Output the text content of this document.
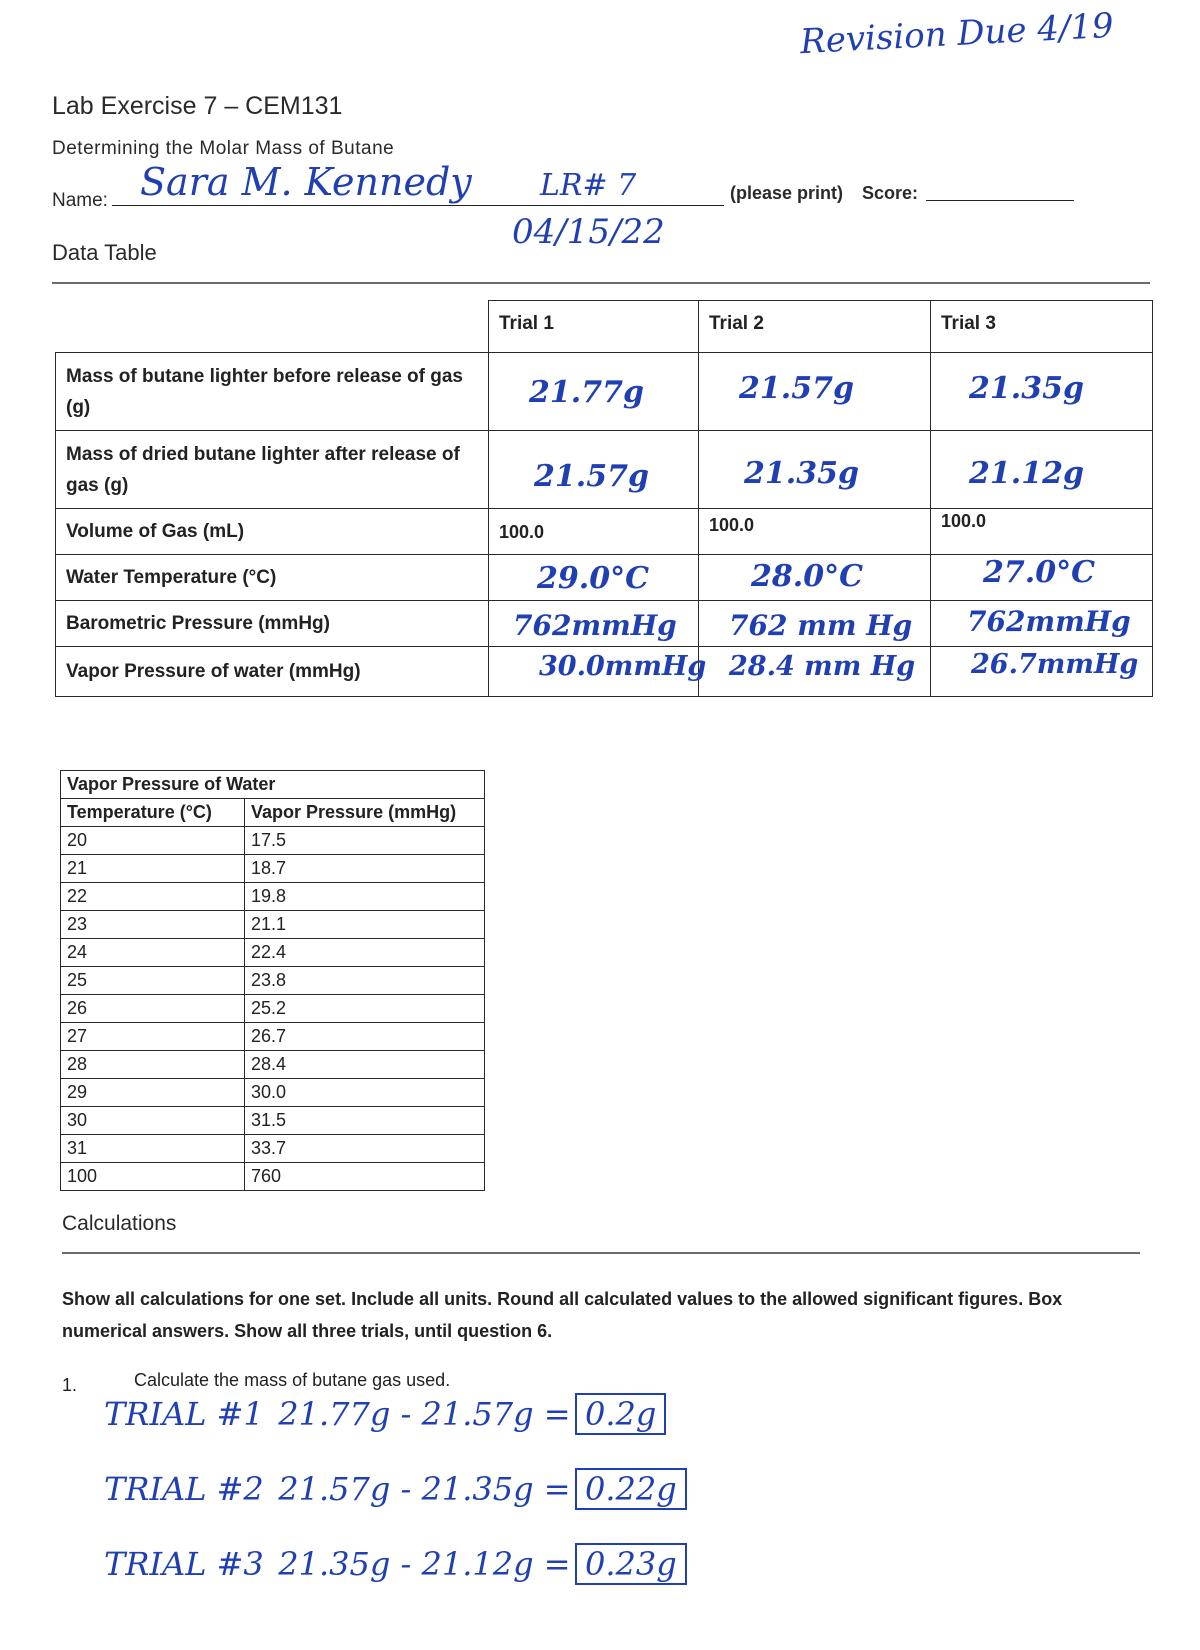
Revision Due 4/19
Lab Exercise 7 – CEM131
Determining the Molar Mass of Butane
Name: Sara M. Kennedy LR# 7
04/15/22
(please print) Score:
Data Table
	Trial 1	Trial 2	Trial 3
Mass of butane lighter before release of gas (g)	21.77g	21.57g	21.35g

Mass of dried butane lighter after release of gas (g)	21.57g	21.35g	21.12g

Volume of Gas (mL)	100.0	100.0	100.0

Water Temperature (°C)	29.0°C	28.0°C	27.0°C

Barometric Pressure (mmHg)	762mmHg	762 mm Hg	762mmHg

Vapor Pressure of water (mmHg)	30.0mmHg	28.4 mm Hg	26.7mmHg
Vapor Pressure of Water	
Temperature (°C)	Vapor Pressure (mmHg)
20	17.5
21	18.7
22	19.8
23	21.1
24	22.4
25	23.8
26	25.2
27	26.7
28	28.4
29	30.0
30	31.5
31	33.7
100	760
Calculations
Show all calculations for one set. Include all units. Round all calculated values to the allowed significant figures. Box numerical answers. Show all three trials, until question 6.
1.	Calculate the mass of butane gas used.
TRIAL #1 21.77g - 21.57g = 0.2g
TRIAL #2 21.57g - 21.35g = 0.22g
TRIAL #3 21.35g - 21.12g = 0.23g
